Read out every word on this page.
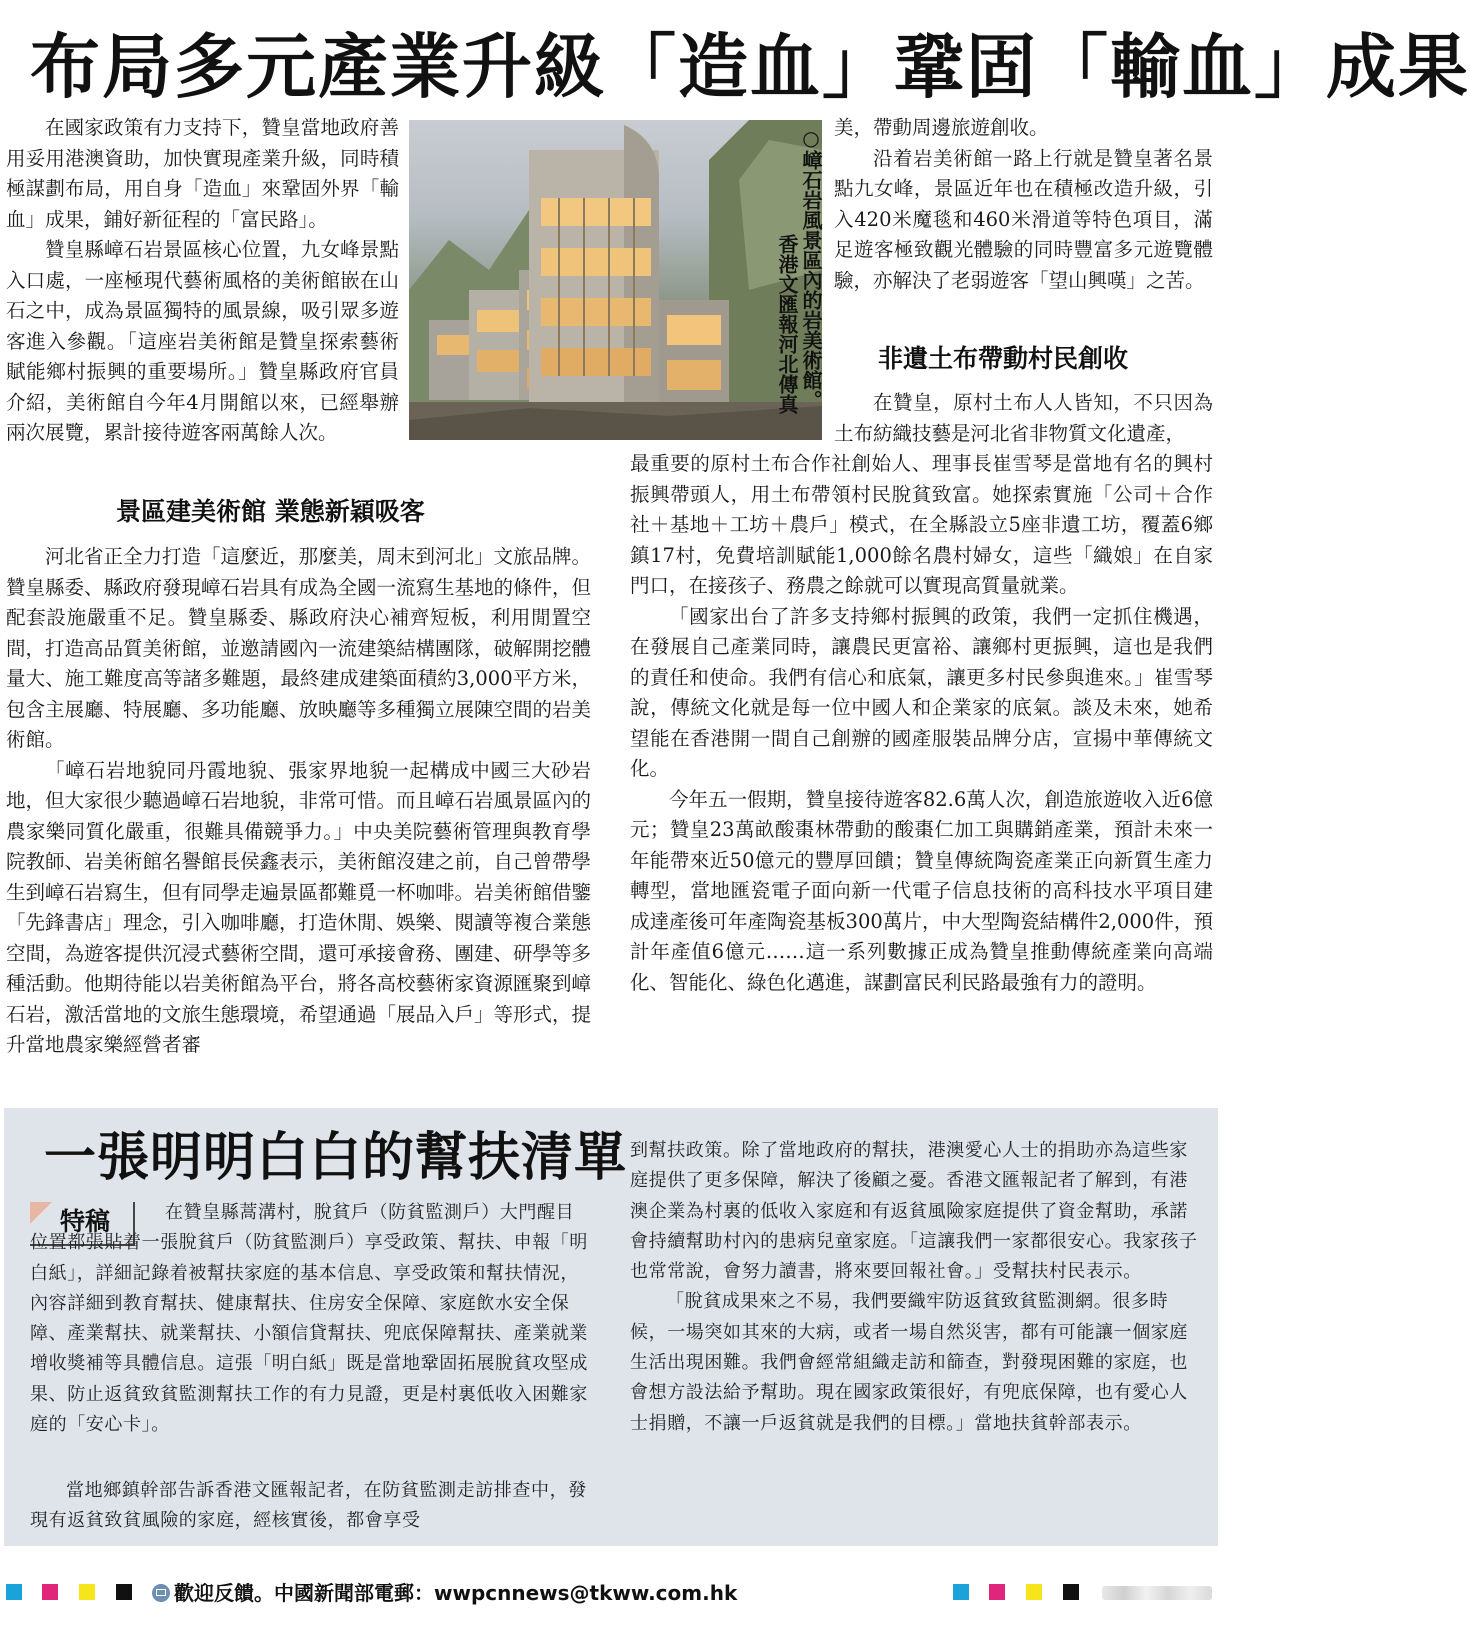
布局多元產業升級「造血」鞏固「輸血」成果

在國家政策有力支持下，贊皇當地政府善用妥用港澳資助，加快實現產業升級，同時積極謀劃布局，用自身「造血」來鞏固外界「輸血」成果，鋪好新征程的「富民路」。

贊皇縣嶂石岩景區核心位置，九女峰景點入口處，一座極現代藝術風格的美術館嵌在山石之中，成為景區獨特的風景線，吸引眾多遊客進入參觀。「這座岩美術館是贊皇探索藝術賦能鄉村振興的重要場所。」贊皇縣政府官員介紹，美術館自今年4月開館以來，已經舉辦兩次展覽，累計接待遊客兩萬餘人次。

○嶂石岩風景區內的岩美術館。
香港文匯報河北傳真
景區建美術館 業態新穎吸客

河北省正全力打造「這麼近，那麼美，周末到河北」文旅品牌。贊皇縣委、縣政府發現嶂石岩具有成為全國一流寫生基地的條件，但配套設施嚴重不足。贊皇縣委、縣政府決心補齊短板，利用閒置空間，打造高品質美術館，並邀請國內一流建築結構團隊，破解開挖體量大、施工難度高等諸多難題，最終建成建築面積約3,000平方米，包含主展廳、特展廳、多功能廳、放映廳等多種獨立展陳空間的岩美術館。

「嶂石岩地貌同丹霞地貌、張家界地貌一起構成中國三大砂岩地，但大家很少聽過嶂石岩地貌，非常可惜。而且嶂石岩風景區內的農家樂同質化嚴重，很難具備競爭力。」中央美院藝術管理與教育學院教師、岩美術館名譽館長侯鑫表示，美術館沒建之前，自己曾帶學生到嶂石岩寫生，但有同學走遍景區都難覓一杯咖啡。岩美術館借鑒「先鋒書店」理念，引入咖啡廳，打造休閒、娛樂、閱讀等複合業態空間，為遊客提供沉浸式藝術空間，還可承接會務、團建、研學等多種活動。他期待能以岩美術館為平台，將各高校藝術家資源匯聚到嶂石岩，激活當地的文旅生態環境，希望通過「展品入戶」等形式，提升當地農家樂經營者審

美，帶動周邊旅遊創收。

沿着岩美術館一路上行就是贊皇著名景點九女峰，景區近年也在積極改造升級，引入420米魔毯和460米滑道等特色項目，滿足遊客極致觀光體驗的同時豐富多元遊覽體驗，亦解決了老弱遊客「望山興嘆」之苦。

非遺土布帶動村民創收

在贊皇，原村土布人人皆知，不只因為土布紡織技藝是河北省非物質文化遺產，

最重要的原村土布合作社創始人、理事長崔雪琴是當地有名的興村振興帶頭人，用土布帶領村民脫貧致富。她探索實施「公司＋合作社＋基地＋工坊＋農戶」模式，在全縣設立5座非遺工坊，覆蓋6鄉鎮17村，免費培訓賦能1,000餘名農村婦女，這些「織娘」在自家門口，在接孩子、務農之餘就可以實現高質量就業。

「國家出台了許多支持鄉村振興的政策，我們一定抓住機遇，在發展自己產業同時，讓農民更富裕、讓鄉村更振興，這也是我們的責任和使命。我們有信心和底氣，讓更多村民參與進來。」崔雪琴說，傳統文化就是每一位中國人和企業家的底氣。談及未來，她希望能在香港開一間自己創辦的國產服裝品牌分店，宣揚中華傳統文化。

今年五一假期，贊皇接待遊客82.6萬人次，創造旅遊收入近6億元；贊皇23萬畝酸棗林帶動的酸棗仁加工與購銷產業，預計未來一年能帶來近50億元的豐厚回饋；贊皇傳統陶瓷產業正向新質生產力轉型，當地匯瓷電子面向新一代電子信息技術的高科技水平項目建成達產後可年產陶瓷基板300萬片，中大型陶瓷結構件2,000件，預計年產值6億元……這一系列數據正成為贊皇推動傳統產業向高端化、智能化、綠色化邁進，謀劃富民利民路最強有力的證明。

一張明明白白的幫扶清單
特稿	在贊皇縣蒿溝村，脫貧戶（防貧監測戶）大門醒目位置都張貼着一張脫貧戶（防貧監測戶）享受政策、幫扶、申報「明白紙」，詳細記錄着被幫扶家庭的基本信息、享受政策和幫扶情況，內容詳細到教育幫扶、健康幫扶、住房安全保障、家庭飲水安全保障、產業幫扶、就業幫扶、小額信貸幫扶、兜底保障幫扶、產業就業增收獎補等具體信息。這張「明白紙」既是當地鞏固拓展脫貧攻堅成果、防止返貧致貧監測幫扶工作的有力見證，更是村裏低收入困難家庭的「安心卡」。

當地鄉鎮幹部告訴香港文匯報記者，在防貧監測走訪排查中，發現有返貧致貧風險的家庭，經核實後，都會享受

到幫扶政策。除了當地政府的幫扶，港澳愛心人士的捐助亦為這些家庭提供了更多保障，解決了後顧之憂。香港文匯報記者了解到，有港澳企業為村裏的低收入家庭和有返貧風險家庭提供了資金幫助，承諾會持續幫助村內的患病兒童家庭。「這讓我們一家都很安心。我家孩子也常常說，會努力讀書，將來要回報社會。」受幫扶村民表示。

「脫貧成果來之不易，我們要織牢防返貧致貧監測網。很多時候，一場突如其來的大病，或者一場自然災害，都有可能讓一個家庭生活出現困難。我們會經常組織走訪和篩查，對發現困難的家庭，也會想方設法給予幫助。現在國家政策很好，有兜底保障，也有愛心人士捐贈，不讓一戶返貧就是我們的目標。」當地扶貧幹部表示。

歡迎反饋。中國新聞部電郵：wwpcnnews@tkww.com.hk
